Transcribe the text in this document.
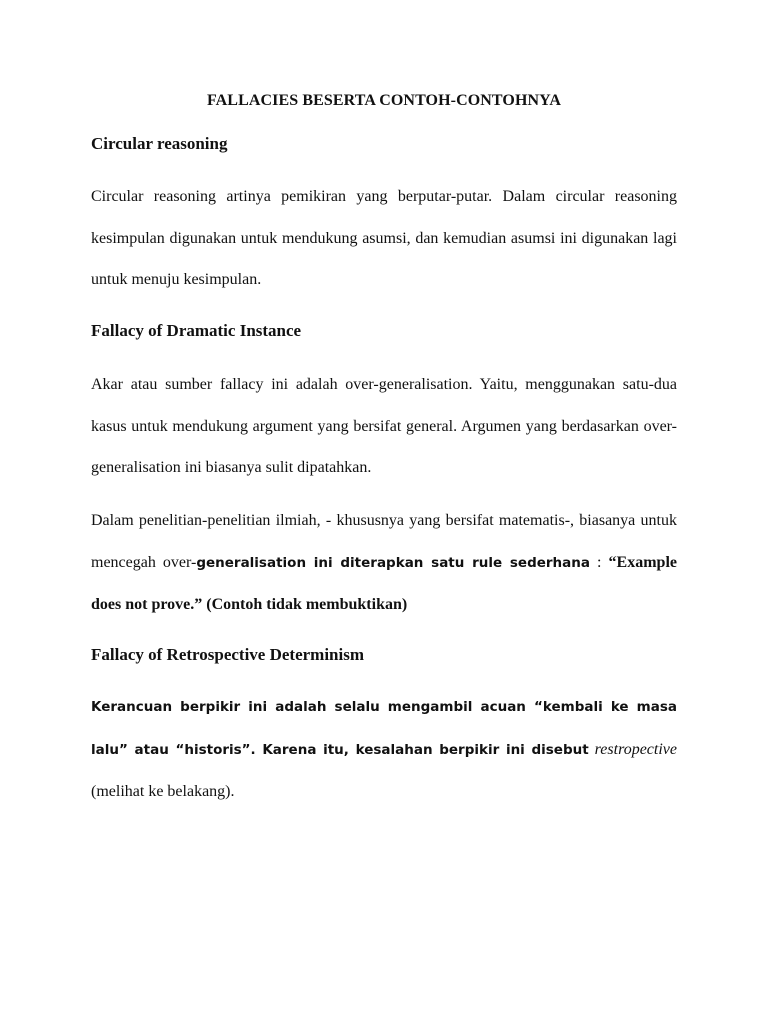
FALLACIES BESERTA CONTOH-CONTOHNYA
Circular reasoning
Circular reasoning artinya pemikiran yang berputar-putar. Dalam circular reasoning kesimpulan digunakan untuk mendukung asumsi, dan kemudian asumsi ini digunakan lagi untuk menuju kesimpulan.
Fallacy of Dramatic Instance
Akar atau sumber fallacy ini adalah over-generalisation. Yaitu, menggunakan satu-dua kasus untuk mendukung argument yang bersifat general. Argumen yang berdasarkan over-generalisation ini biasanya sulit dipatahkan.
Dalam penelitian-penelitian ilmiah, - khususnya yang bersifat matematis-, biasanya untuk mencegah over-generalisation ini diterapkan satu rule sederhana : “Example does not prove.” (Contoh tidak membuktikan)
Fallacy of Retrospective Determinism
Kerancuan berpikir ini adalah selalu mengambil acuan “kembali ke masa lalu” atau “historis”. Karena itu, kesalahan berpikir ini disebut restropective (melihat ke belakang).
